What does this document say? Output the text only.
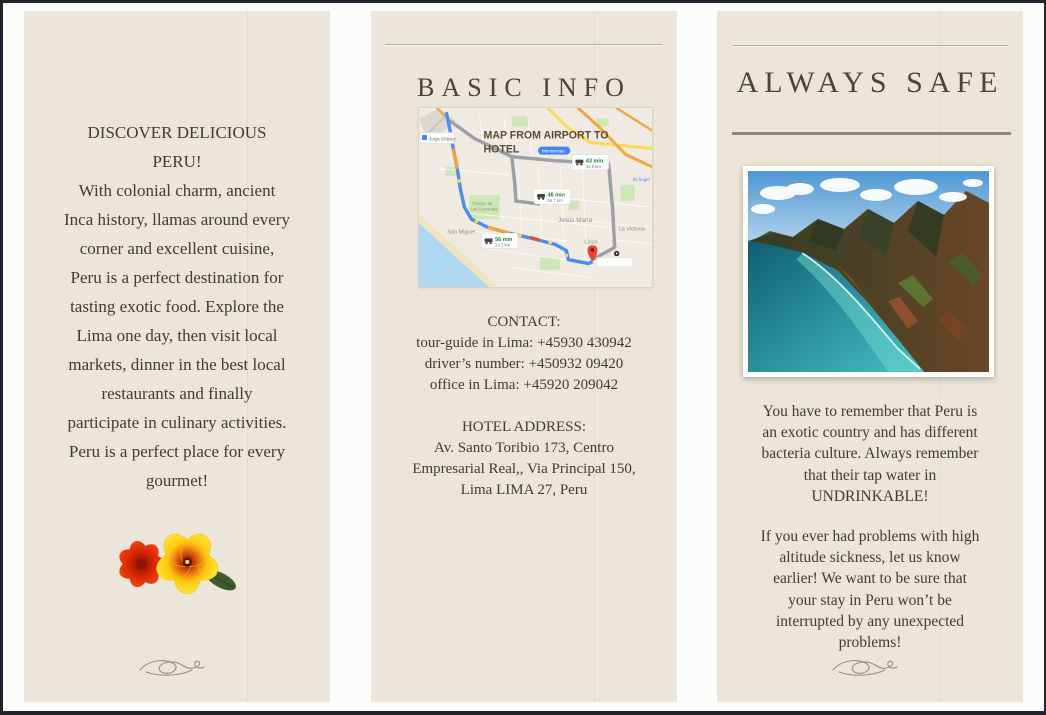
DISCOVER DELICIOUS
PERU!
With colonial charm, ancient
Inca history, llamas around every
corner and excellent cuisine,
Peru is a perfect destination for
tasting exotic food. Explore the
Lima one day, then visit local
markets, dinner in the best local
restaurants and finally
participate in culinary activities.
Peru is a perfect place for every
gourmet!
BASIC INFO
Jorge Chávez
Monserrate
El Ángel
San Miguel
Jesús María
Lince
La Victoria
Parque de
Las Leyendas
MAP FROM AIRPORT TO
HOTEL
43 min
16.9 km
46 min
16.7 km
56 min
14.3 km
CONTACT:
tour-guide in Lima: +45930 430942
driver’s number: +450932 09420
office in Lima: +45920 209042
HOTEL ADDRESS:
Av. Santo Toribio 173, Centro
Empresarial Real,, Via Principal 150,
Lima LIMA 27, Peru
ALWAYS SAFE
You have to remember that Peru is
an exotic country and has different
bacteria culture. Always remember
that their tap water in
UNDRINKABLE!
If you ever had problems with high
altitude sickness, let us know
earlier! We want to be sure that
your stay in Peru won’t be
interrupted by any unexpected
problems!
